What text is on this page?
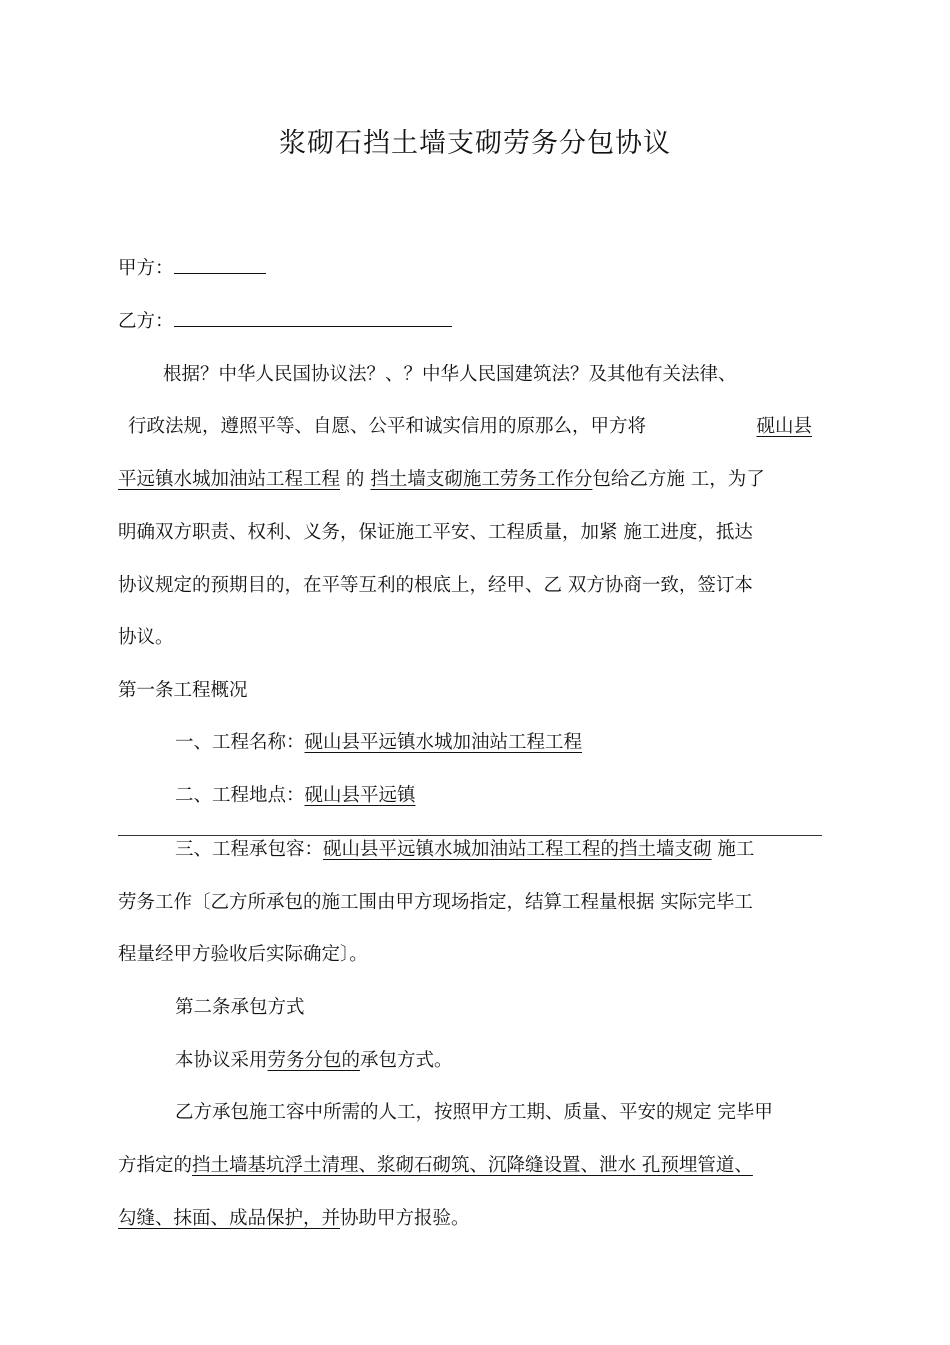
浆砌石挡土墙支砌劳务分包协议
甲方：
乙方：
根据？中华人民国协议法？、？中华人民国建筑法？及其他有关法律、
行政法规，遵照平等、自愿、公平和诚实信用的原那么，甲方将	砚山县
平远镇水城加油站工程工程 的 挡土墙支砌施工劳务工作分包给乙方施 工，为了
明确双方职责、权利、义务，保证施工平安、工程质量，加紧 施工进度，抵达
协议规定的预期目的，在平等互利的根底上，经甲、乙 双方协商一致，签订本
协议。
第一条工程概况
一、工程名称：砚山县平远镇水城加油站工程工程
二、工程地点：砚山县平远镇
三、工程承包容：砚山县平远镇水城加油站工程工程的挡土墙支砌 施工
劳务工作〔乙方所承包的施工围由甲方现场指定，结算工程量根据 实际完毕工
程量经甲方验收后实际确定〕。
第二条承包方式
本协议采用劳务分包的承包方式。
乙方承包施工容中所需的人工，按照甲方工期、质量、平安的规定 完毕甲
方指定的挡土墙基坑浮土清理、浆砌石砌筑、沉降缝设置、泄水 孔预埋管道、
勾缝、抹面、成品保护，并协助甲方报验。
